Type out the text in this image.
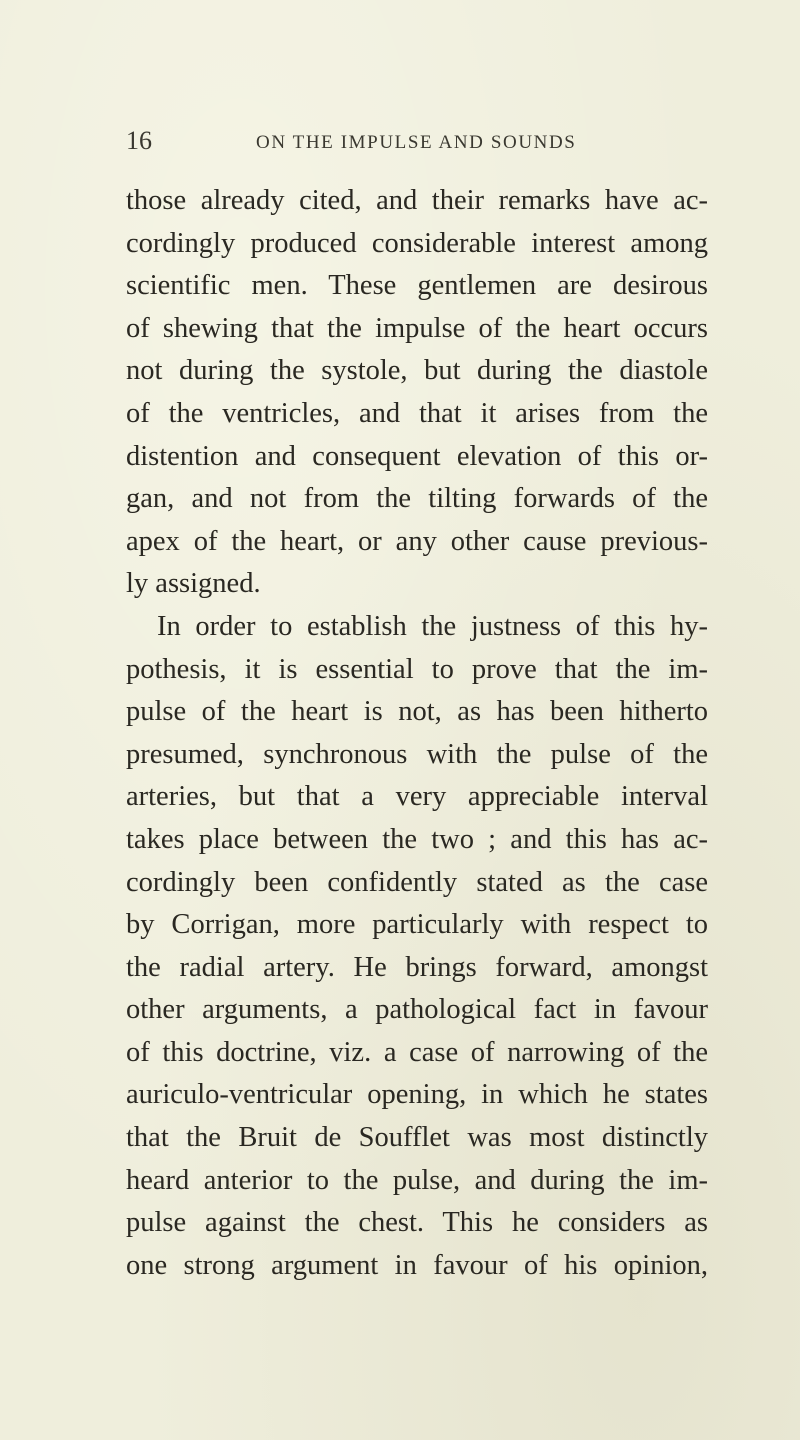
16	ON THE IMPULSE AND SOUNDS
those already cited, and their remarks have ac-
cordingly produced considerable interest among
scientific men. These gentlemen are desirous
of shewing that the impulse of the heart occurs
not during the systole, but during the diastole
of the ventricles, and that it arises from the
distention and consequent elevation of this or-
gan, and not from the tilting forwards of the
apex of the heart, or any other cause previous-
ly assigned.
In order to establish the justness of this hy-
pothesis, it is essential to prove that the im-
pulse of the heart is not, as has been hitherto
presumed, synchronous with the pulse of the
arteries, but that a very appreciable interval
takes place between the two ; and this has ac-
cordingly been confidently stated as the case
by Corrigan, more particularly with respect to
the radial artery. He brings forward, amongst
other arguments, a pathological fact in favour
of this doctrine, viz. a case of narrowing of the
auriculo-ventricular opening, in which he states
that the Bruit de Soufflet was most distinctly
heard anterior to the pulse, and during the im-
pulse against the chest. This he considers as
one strong argument in favour of his opinion,
